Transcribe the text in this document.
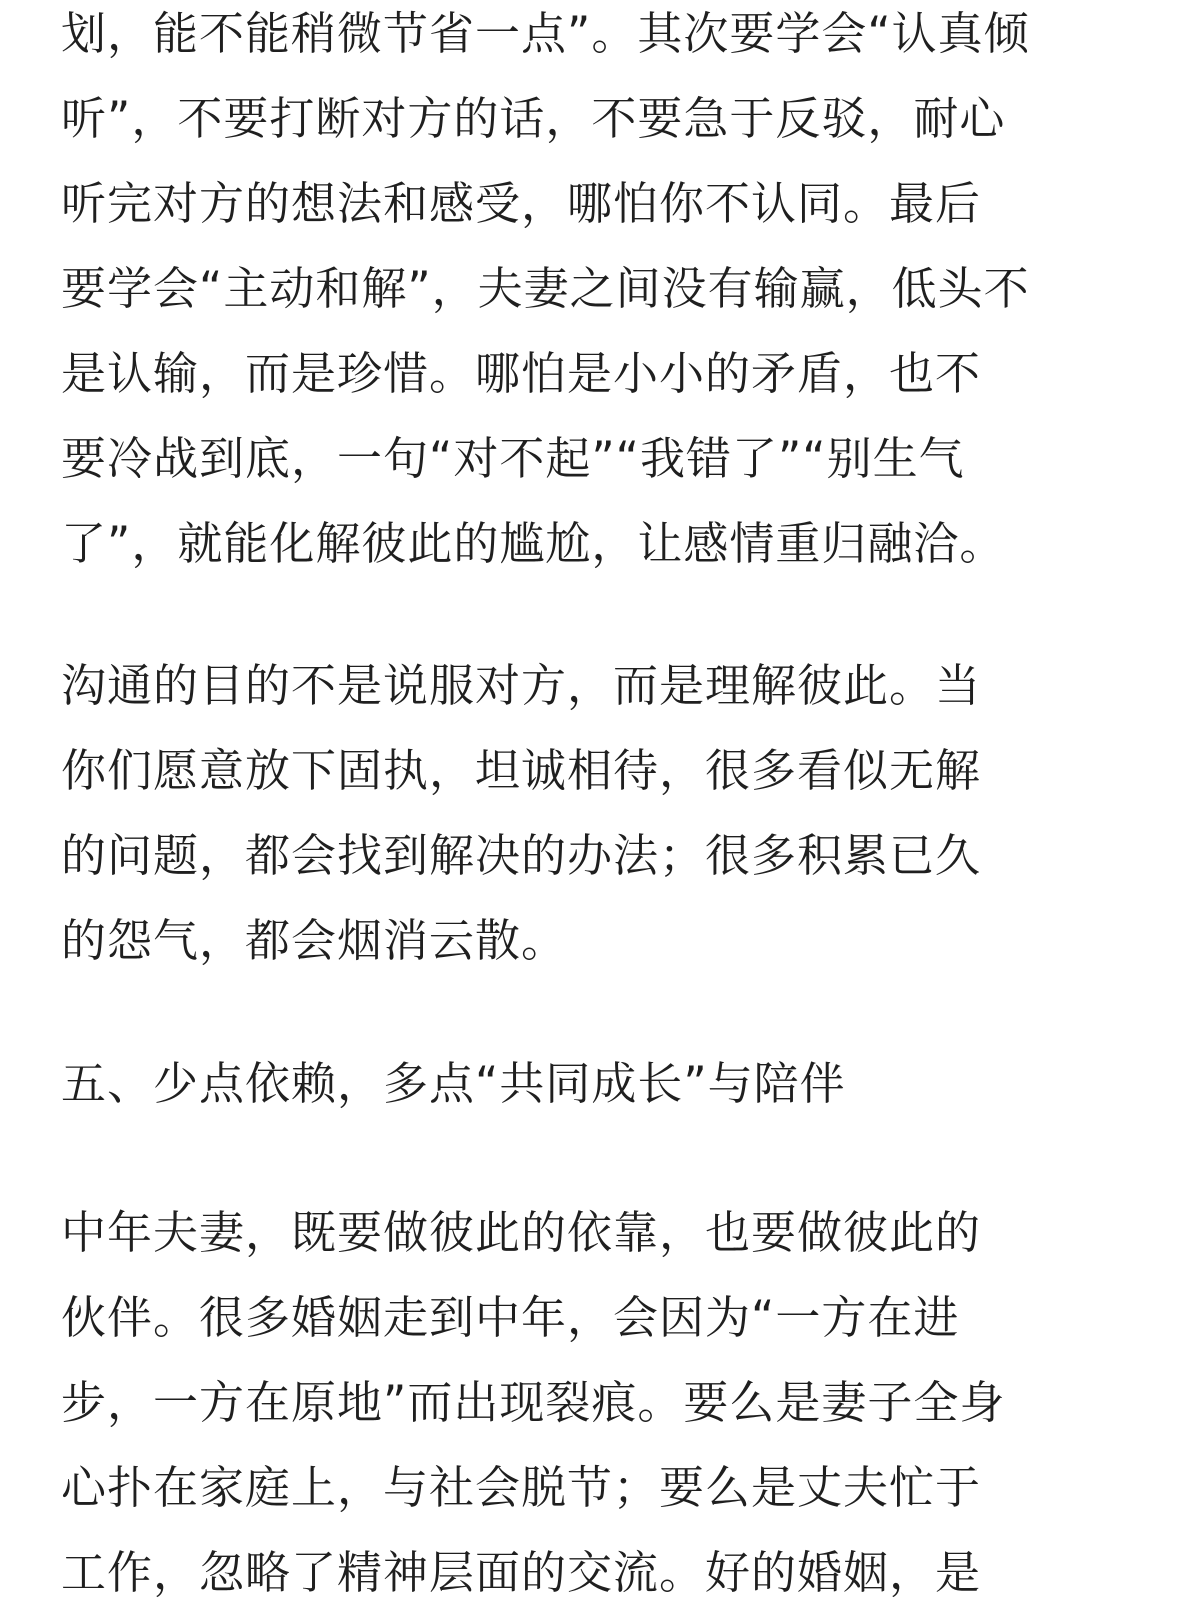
划，能不能稍微节省一点”。其次要学会“认真倾
听”，不要打断对方的话，不要急于反驳，耐心
听完对方的想法和感受，哪怕你不认同。最后
要学会“主动和解”，夫妻之间没有输赢，低头不
是认输，而是珍惜。哪怕是小小的矛盾，也不
要冷战到底，一句“对不起”“我错了”“别生气
了”，就能化解彼此的尴尬，让感情重归融洽。
沟通的目的不是说服对方，而是理解彼此。当
你们愿意放下固执，坦诚相待，很多看似无解
的问题，都会找到解决的办法；很多积累已久
的怨气，都会烟消云散。
五、少点依赖，多点“共同成长”与陪伴
中年夫妻，既要做彼此的依靠，也要做彼此的
伙伴。很多婚姻走到中年，会因为“一方在进
步，一方在原地”而出现裂痕。要么是妻子全身
心扑在家庭上，与社会脱节；要么是丈夫忙于
工作，忽略了精神层面的交流。好的婚姻，是
